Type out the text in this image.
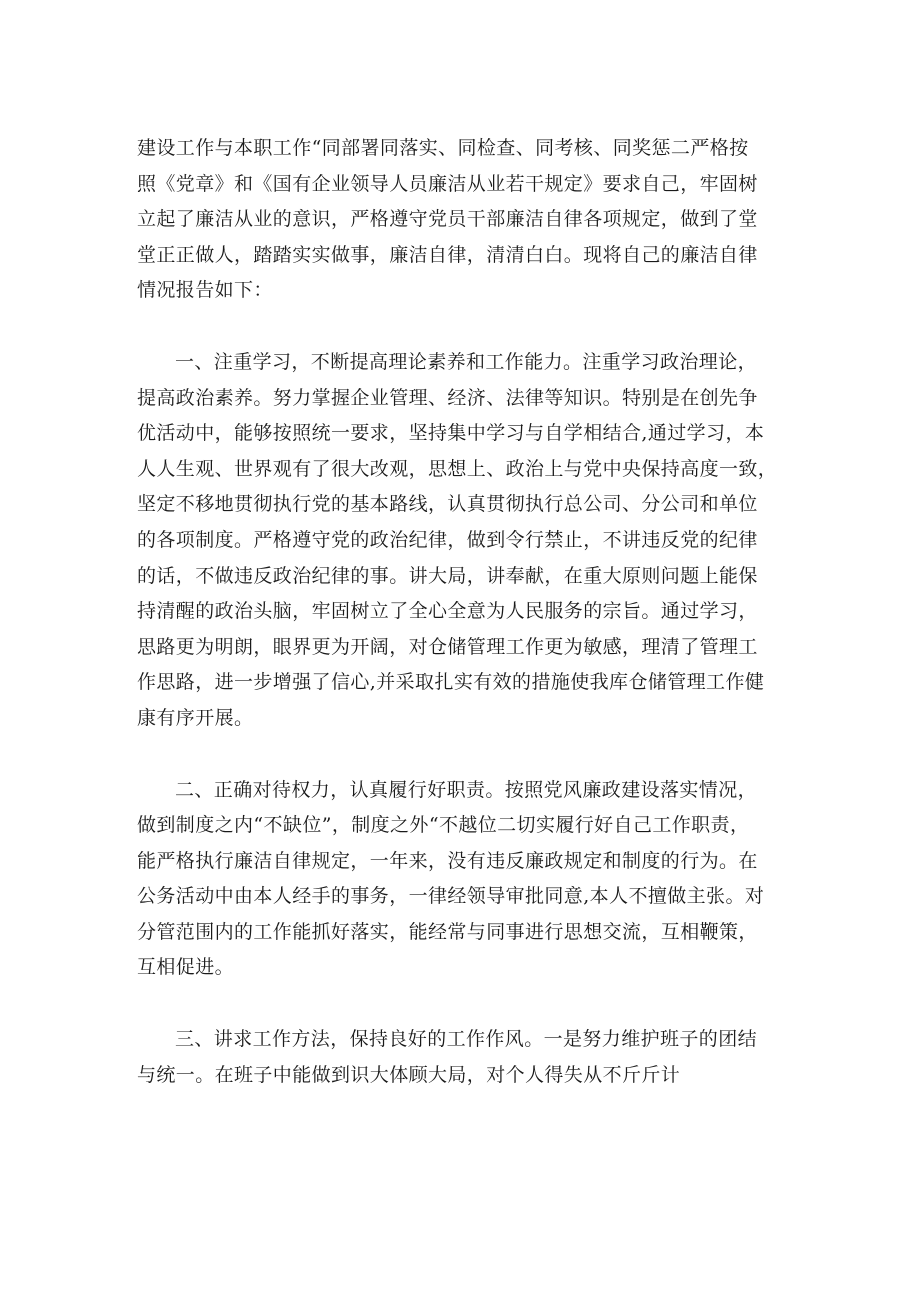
建设工作与本职工作“同部署同落实、同检查、同考核、同奖惩二严格按
照《党章》和《国有企业领导人员廉洁从业若干规定》要求自己，牢固树
立起了廉洁从业的意识，严格遵守党员干部廉洁自律各项规定，做到了堂
堂正正做人，踏踏实实做事，廉洁自律，清清白白。现将自己的廉洁自律
情况报告如下：

一、注重学习，不断提高理论素养和工作能力。注重学习政治理论，
提高政治素养。努力掌握企业管理、经济、法律等知识。特别是在创先争
优活动中，能够按照统一要求，坚持集中学习与自学相结合,通过学习，本
人人生观、世界观有了很大改观，思想上、政治上与党中央保持高度一致，
坚定不移地贯彻执行党的基本路线，认真贯彻执行总公司、分公司和单位
的各项制度。严格遵守党的政治纪律，做到令行禁止，不讲违反党的纪律
的话，不做违反政治纪律的事。讲大局，讲奉献，在重大原则问题上能保
持清醒的政治头脑，牢固树立了全心全意为人民服务的宗旨。通过学习，
思路更为明朗，眼界更为开阔，对仓储管理工作更为敏感，理清了管理工
作思路，进一步增强了信心,并采取扎实有效的措施使我库仓储管理工作健
康有序开展。

二、正确对待权力，认真履行好职责。按照党风廉政建设落实情况，
做到制度之内“不缺位”，制度之外“不越位二切实履行好自己工作职责，
能严格执行廉洁自律规定，一年来，没有违反廉政规定和制度的行为。在
公务活动中由本人经手的事务，一律经领导审批同意,本人不擅做主张。对
分管范围内的工作能抓好落实，能经常与同事进行思想交流，互相鞭策，
互相促进。

三、讲求工作方法，保持良好的工作作风。一是努力维护班子的团结
与统一。在班子中能做到识大体顾大局，对个人得失从不斤斤计
